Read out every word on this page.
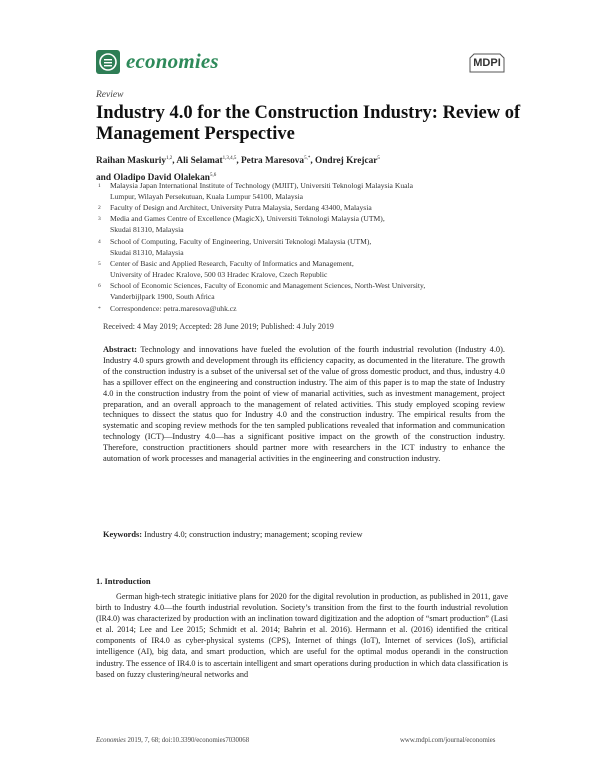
economies	MDPI
Review
Industry 4.0 for the Construction Industry: Review of Management Perspective
Raihan Maskuriy$^{1,2}$, Ali Selamat$^{1,3,4,5}$, Petra Maresova$^{5,*}$, Ondrej Krejcar$^5$
and Oladipo David Olalekan$^{5,6}$
1 Malaysia Japan International Institute of Technology (MJIIT), Universiti Teknologi Malaysia Kuala
Lumpur, Wilayah Persekutuan, Kuala Lumpur 54100, Malaysia
2 Faculty of Design and Architect, University Putra Malaysia, Serdang 43400, Malaysia
3 Media and Games Centre of Excellence (MagicX), Universiti Teknologi Malaysia (UTM),
Skudai 81310, Malaysia
4 School of Computing, Faculty of Engineering, Universiti Teknologi Malaysia (UTM),
Skudai 81310, Malaysia
5 Center of Basic and Applied Research, Faculty of Informatics and Management,
University of Hradec Kralove, 500 03 Hradec Kralove, Czech Republic
6 School of Economic Sciences, Faculty of Economic and Management Sciences, North-West University,
Vanderbijlpark 1900, South Africa
* Correspondence: petra.maresova@uhk.cz
Received: 4 May 2019; Accepted: 28 June 2019; Published: 4 July 2019
Abstract: Technology and innovations have fueled the evolution of the fourth industrial revolution (Industry 4.0). Industry 4.0 spurs growth and development through its efficiency capacity, as documented in the literature. The growth of the construction industry is a subset of the universal set of the value of gross domestic product, and thus, industry 4.0 has a spillover effect on the engineering and construction industry. The aim of this paper is to map the state of Industry 4.0 in the construction industry from the point of view of manarial activities, such as investment management, project preparation, and an overall approach to the management of related activities. This study employed scoping review techniques to dissect the status quo for Industry 4.0 and the construction industry. The empirical results from the systematic and scoping review methods for the ten sampled publications revealed that information and communication technology (ICT)—Industry 4.0—has a significant positive impact on the growth of the construction industry. Therefore, construction practitioners should partner more with researchers in the ICT industry to enhance the automation of work processes and managerial activities in the engineering and construction industry.
Keywords: Industry 4.0; construction industry; management; scoping review
1. Introduction

German high-tech strategic initiative plans for 2020 for the digital revolution in production, as published in 2011, gave birth to Industry 4.0—the fourth industrial revolution. Society’s transition from the first to the fourth industrial revolution (IR4.0) was characterized by production with an inclination toward digitization and the adoption of “smart production” (Lasi et al. 2014; Lee and Lee 2015; Schmidt et al. 2014; Bahrin et al. 2016). Hermann et al. (2016) identified the critical components of IR4.0 as cyber-physical systems (CPS), Internet of things (IoT), Internet of services (IoS), artificial intelligence (AI), big data, and smart production, which are useful for the optimal modus operandi in the construction industry. The essence of IR4.0 is to ascertain intelligent and smart operations during production in which data classification is based on fuzzy clustering/neural networks and

Economies 2019, 7, 68; doi:10.3390/economies7030068	www.mdpi.com/journal/economies
